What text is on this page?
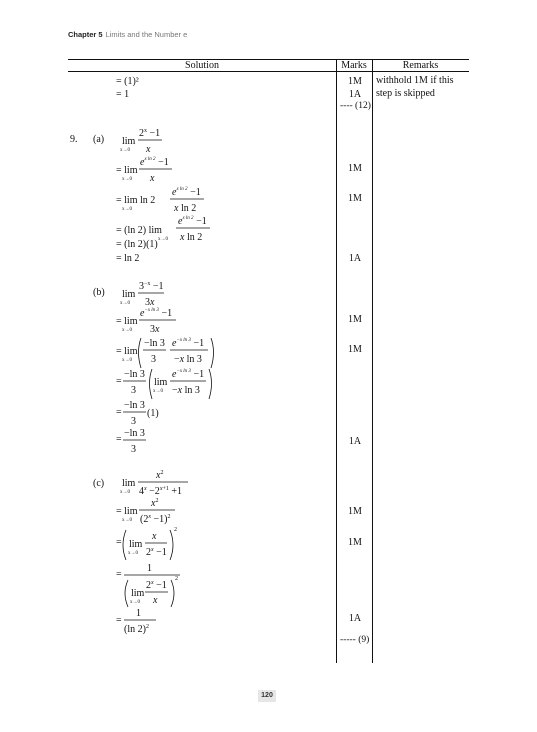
Chapter 5 Limits and the Number e
Solution	Marks	Remarks
= (1)²
= 1
1M
1A
---- (12)
withhold 1M if this step is skipped
9. (a)
(b)
(c)
1M
1M
1A
1M
1M
1A
1M
1M
1A
----- (9)
lim
x→0
$2^x -1$
x
= lim
x→0
$e^{x ln 2} -1$
x
= lim ln 2
x→0
$e^{x ln 2} -1$
x ln 2
= (ln 2) lim
x→0
$e^{x ln 2} -1$
x ln 2
lim
x→0
$3^{-x} -1$
3x
= lim
x→0
$e^{-x ln 3} -1$
3x
= lim
x→0
−ln 3
3
$e^{-x ln 3} -1$
−x ln 3
=
−ln 3
3
lim
x→0
$e^{-x ln 3} -1$
−x ln 3
=
−ln 3
3
(1)
=
−ln 3
3
lim
x→0
$x^2$
$4^x -2^{x+1} +1$
= lim
x→0
$x^2$
$(2^x -1)^2$
= lim
x→0
x
$2^x -1$
2
=
1
lim
x→0
$2^x -1$
x
2
=
1
(ln 2)$^2$
= (ln 2)(1)
= ln 2
120
